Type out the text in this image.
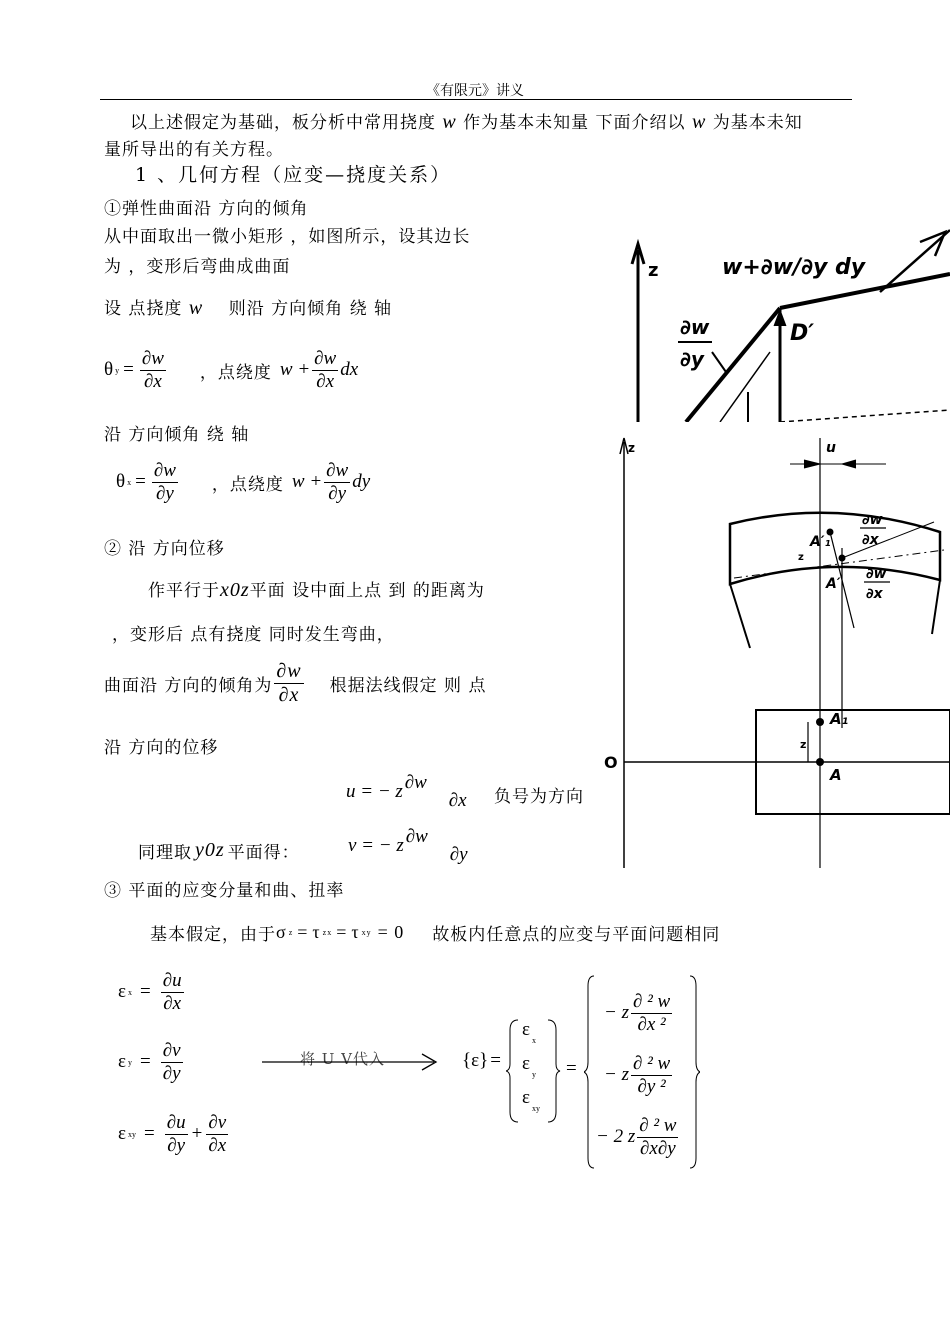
《有限元》讲义
以上述假定为基础，板分析中常用挠度 w 作为基本未知量 下面介绍以 w 为基本未知
量所导出的有关方程。
1 、几何方程（应变—挠度关系）
①弹性曲面沿 方向的倾角
从中面取出一微小矩形 ，如图所示，设其边长
为 ，变形后弯曲成曲面
设 点挠度 w 则沿 方向倾角 绕 轴
θ $y = \frac{\partial w}{\partial x}$ ，点绕度 $w + \frac{\partial w}{\partial x}$ dx
沿 方向倾角 绕 轴
θ $x = \frac{\partial w}{\partial y}$ ，点绕度 $w + \frac{\partial w}{\partial y}$ dy
② 沿 方向位移
作平行于x0z平面 设中面上点 到 的距离为
，变形后 点有挠度 同时发生弯曲，
曲面沿 方向的倾角为 $\frac{\partial w}{\partial x}$ 根据法线假定 则 点
沿 方向的位移
u = − z ∂w
∂x 负号为方向
同理取 y0z 平面得：	v = − z ∂w
∂y
③ 平面的应变分量和曲、扭率
基本假定，由于 σ z = τ zx = τ xy = 0 故板内任意点的应变与平面问题相同
ε $x = \frac{\partial u}{\partial x}$
ε $y = \frac{\partial v}{\partial y}$
ε xy = $\frac{\partial u}{\partial y} + \frac{\partial v}{\partial x}$
将 U V代入	{ ε } =
$\varepsilon_x$
$\varepsilon_y$
$\varepsilon_{xy}$
=
− z $\frac{\text{∂ ² w}}{\text{∂x ²}}$
− z $\frac{\text{∂ ² w}}{\text{∂y ²}}$
− 2 z $\frac{\text{∂ ² w}}{\partial x\partial y}$
z	w+∂w/∂y dy
D′
∂w
∂y
z
O
A₁
A
z
A′₁
A′
z
u
∂w
∂x
∂w
∂x
